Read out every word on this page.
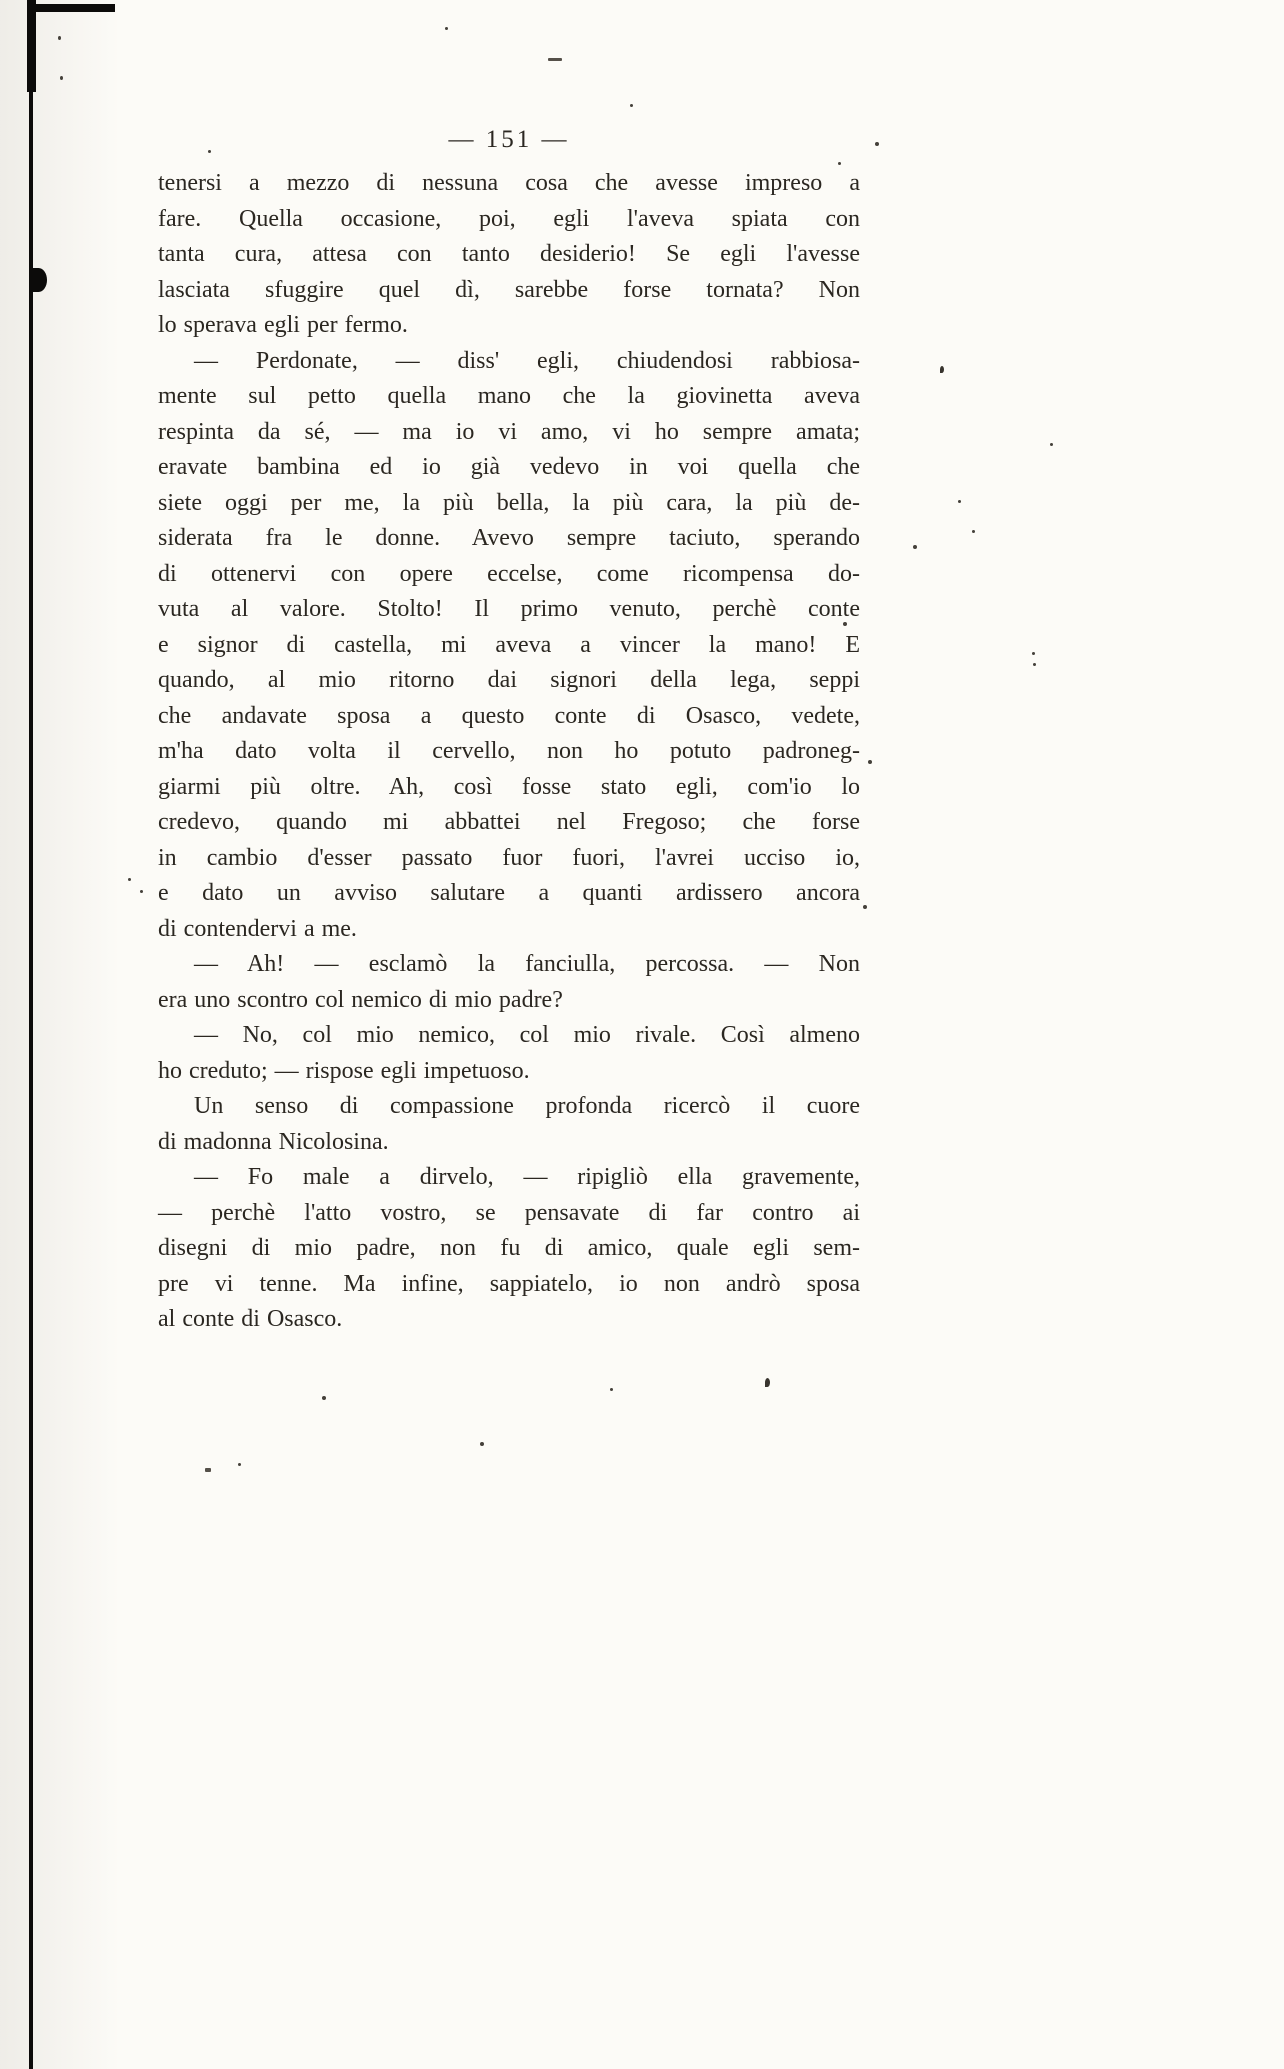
— 151 —
tenersi a mezzo di nessuna cosa che avesse impreso a
fare. Quella occasione, poi, egli l'aveva spiata con
tanta cura, attesa con tanto desiderio! Se egli l'avesse
lasciata sfuggire quel dì, sarebbe forse tornata? Non
lo sperava egli per fermo.
— Perdonate, — diss' egli, chiudendosi rabbiosa-
mente sul petto quella mano che la giovinetta aveva
respinta da sé, — ma io vi amo, vi ho sempre amata;
eravate bambina ed io già vedevo in voi quella che
siete oggi per me, la più bella, la più cara, la più de-
siderata fra le donne. Avevo sempre taciuto, sperando
di ottenervi con opere eccelse, come ricompensa do-
vuta al valore. Stolto! Il primo venuto, perchè conte
e signor di castella, mi aveva a vincer la mano! E
quando, al mio ritorno dai signori della lega, seppi
che andavate sposa a questo conte di Osasco, vedete,
m'ha dato volta il cervello, non ho potuto padroneg-
giarmi più oltre. Ah, così fosse stato egli, com'io lo
credevo, quando mi abbattei nel Fregoso; che forse
in cambio d'esser passato fuor fuori, l'avrei ucciso io,
e dato un avviso salutare a quanti ardissero ancora
di contendervi a me.
— Ah! — esclamò la fanciulla, percossa. — Non
era uno scontro col nemico di mio padre?
— No, col mio nemico, col mio rivale. Così almeno
ho creduto; — rispose egli impetuoso.
Un senso di compassione profonda ricercò il cuore
di madonna Nicolosina.
— Fo male a dirvelo, — ripigliò ella gravemente,
— perchè l'atto vostro, se pensavate di far contro ai
disegni di mio padre, non fu di amico, quale egli sem-
pre vi tenne. Ma infine, sappiatelo, io non andrò sposa
al conte di Osasco.
